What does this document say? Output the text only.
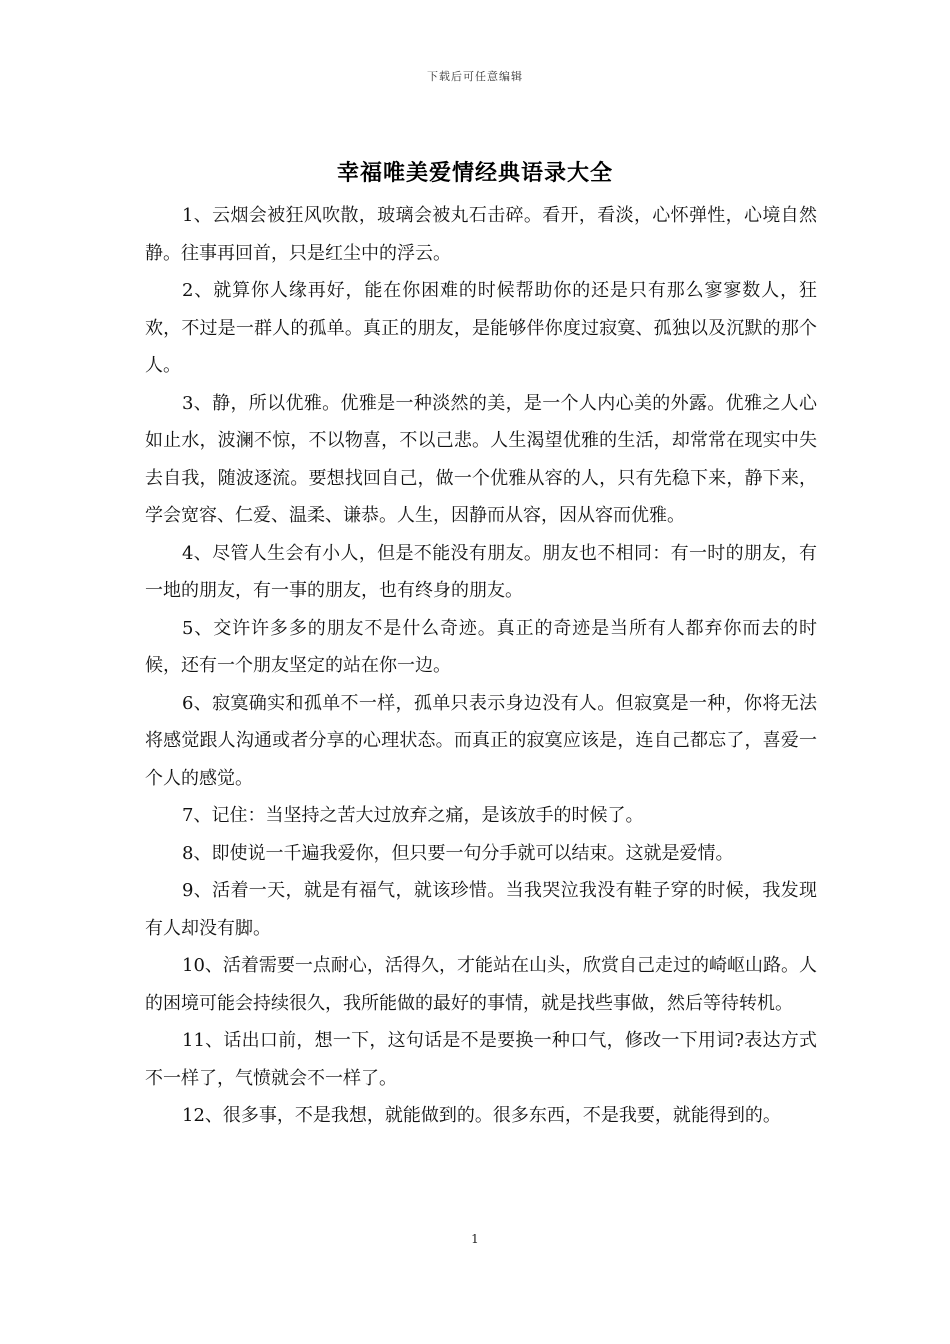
下载后可任意编辑
幸福唯美爱情经典语录大全

1、云烟会被狂风吹散，玻璃会被丸石击碎。看开，看淡，心怀弹性，心境自然静。往事再回首，只是红尘中的浮云。

2、就算你人缘再好，能在你困难的时候帮助你的还是只有那么寥寥数人，狂欢，不过是一群人的孤单。真正的朋友，是能够伴你度过寂寞、孤独以及沉默的那个人。

3、静，所以优雅。优雅是一种淡然的美，是一个人内心美的外露。优雅之人心如止水，波澜不惊，不以物喜，不以己悲。人生渴望优雅的生活，却常常在现实中失去自我，随波逐流。要想找回自己，做一个优雅从容的人，只有先稳下来，静下来，学会宽容、仁爱、温柔、谦恭。人生，因静而从容，因从容而优雅。

4、尽管人生会有小人，但是不能没有朋友。朋友也不相同：有一时的朋友，有一地的朋友，有一事的朋友，也有终身的朋友。

5、交许许多多的朋友不是什么奇迹。真正的奇迹是当所有人都弃你而去的时候，还有一个朋友坚定的站在你一边。

6、寂寞确实和孤单不一样，孤单只表示身边没有人。但寂寞是一种，你将无法将感觉跟人沟通或者分享的心理状态。而真正的寂寞应该是，连自己都忘了，喜爱一个人的感觉。

7、记住：当坚持之苦大过放弃之痛，是该放手的时候了。

8、即使说一千遍我爱你，但只要一句分手就可以结束。这就是爱情。

9、活着一天，就是有福气，就该珍惜。当我哭泣我没有鞋子穿的时候，我发现有人却没有脚。

10、活着需要一点耐心，活得久，才能站在山头，欣赏自己走过的崎岖山路。人的困境可能会持续很久，我所能做的最好的事情，就是找些事做，然后等待转机。

11、话出口前，想一下，这句话是不是要换一种口气，修改一下用词?表达方式不一样了，气愤就会不一样了。

12、很多事，不是我想，就能做到的。很多东西，不是我要，就能得到的。

1
